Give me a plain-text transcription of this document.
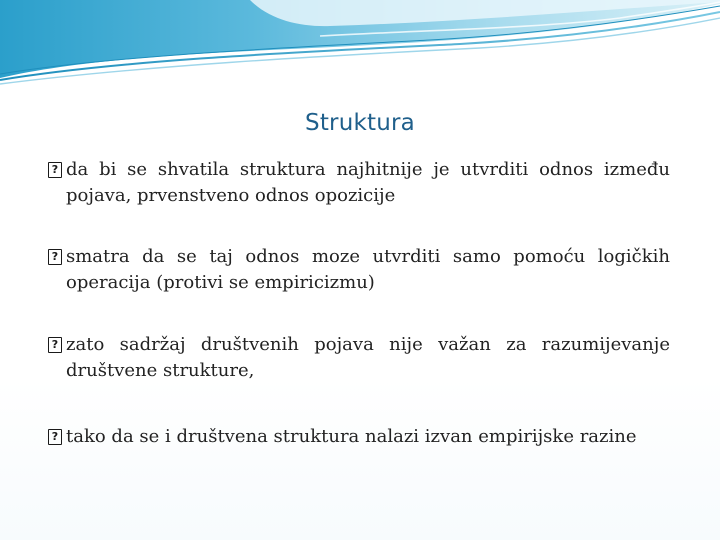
Struktura
? da bi se shvatila struktura najhitnije je utvrditi odnos između pojava, prvenstveno odnos opozicije
? smatra da se taj odnos moze utvrditi samo pomoću logičkih operacija (protivi se empiricizmu)
? zato sadržaj društvenih pojava nije važan za razumijevanje društvene strukture,
? tako da se i društvena struktura nalazi izvan empirijske razine
